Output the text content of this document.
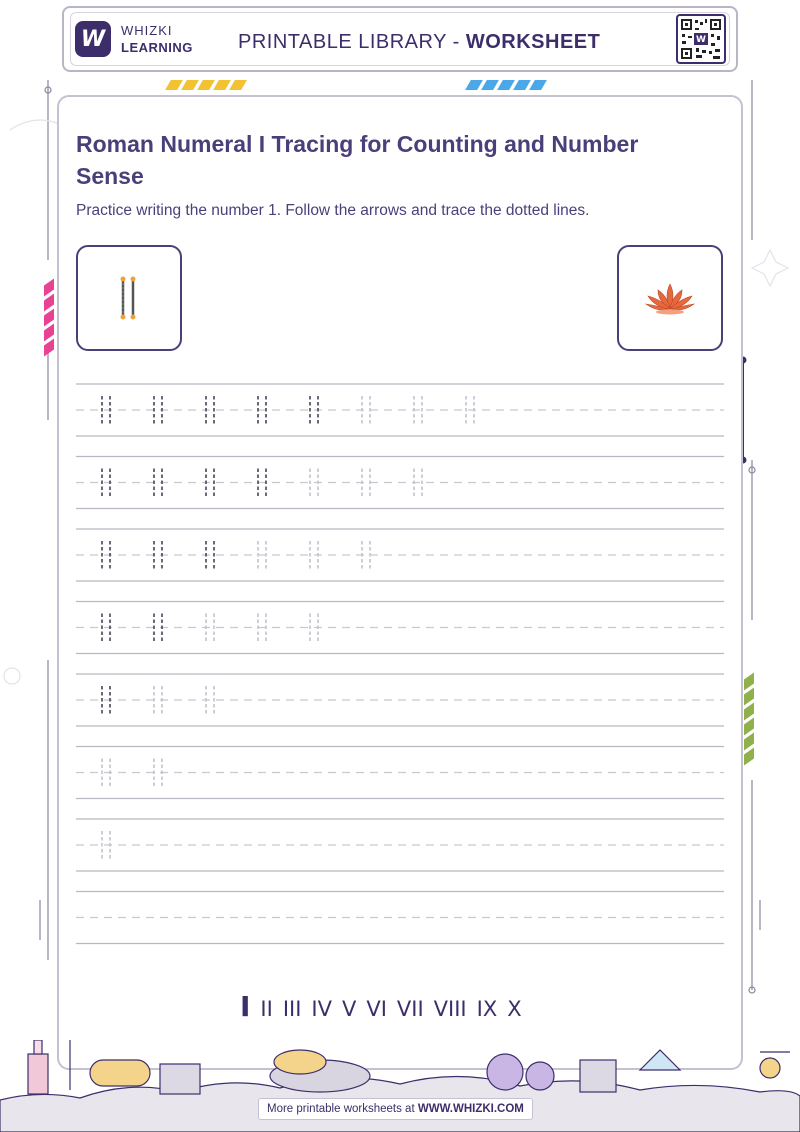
W WHIZKI
LEARNING PRINTABLE LIBRARY - WORKSHEET	W
Roman Numeral I Tracing for Counting and Number Sense
Practice writing the number 1. Follow the arrows and trace the dotted lines.
I II III IV V VI VII VIII IX X
More printable worksheets at WWW.WHIZKI.COM
